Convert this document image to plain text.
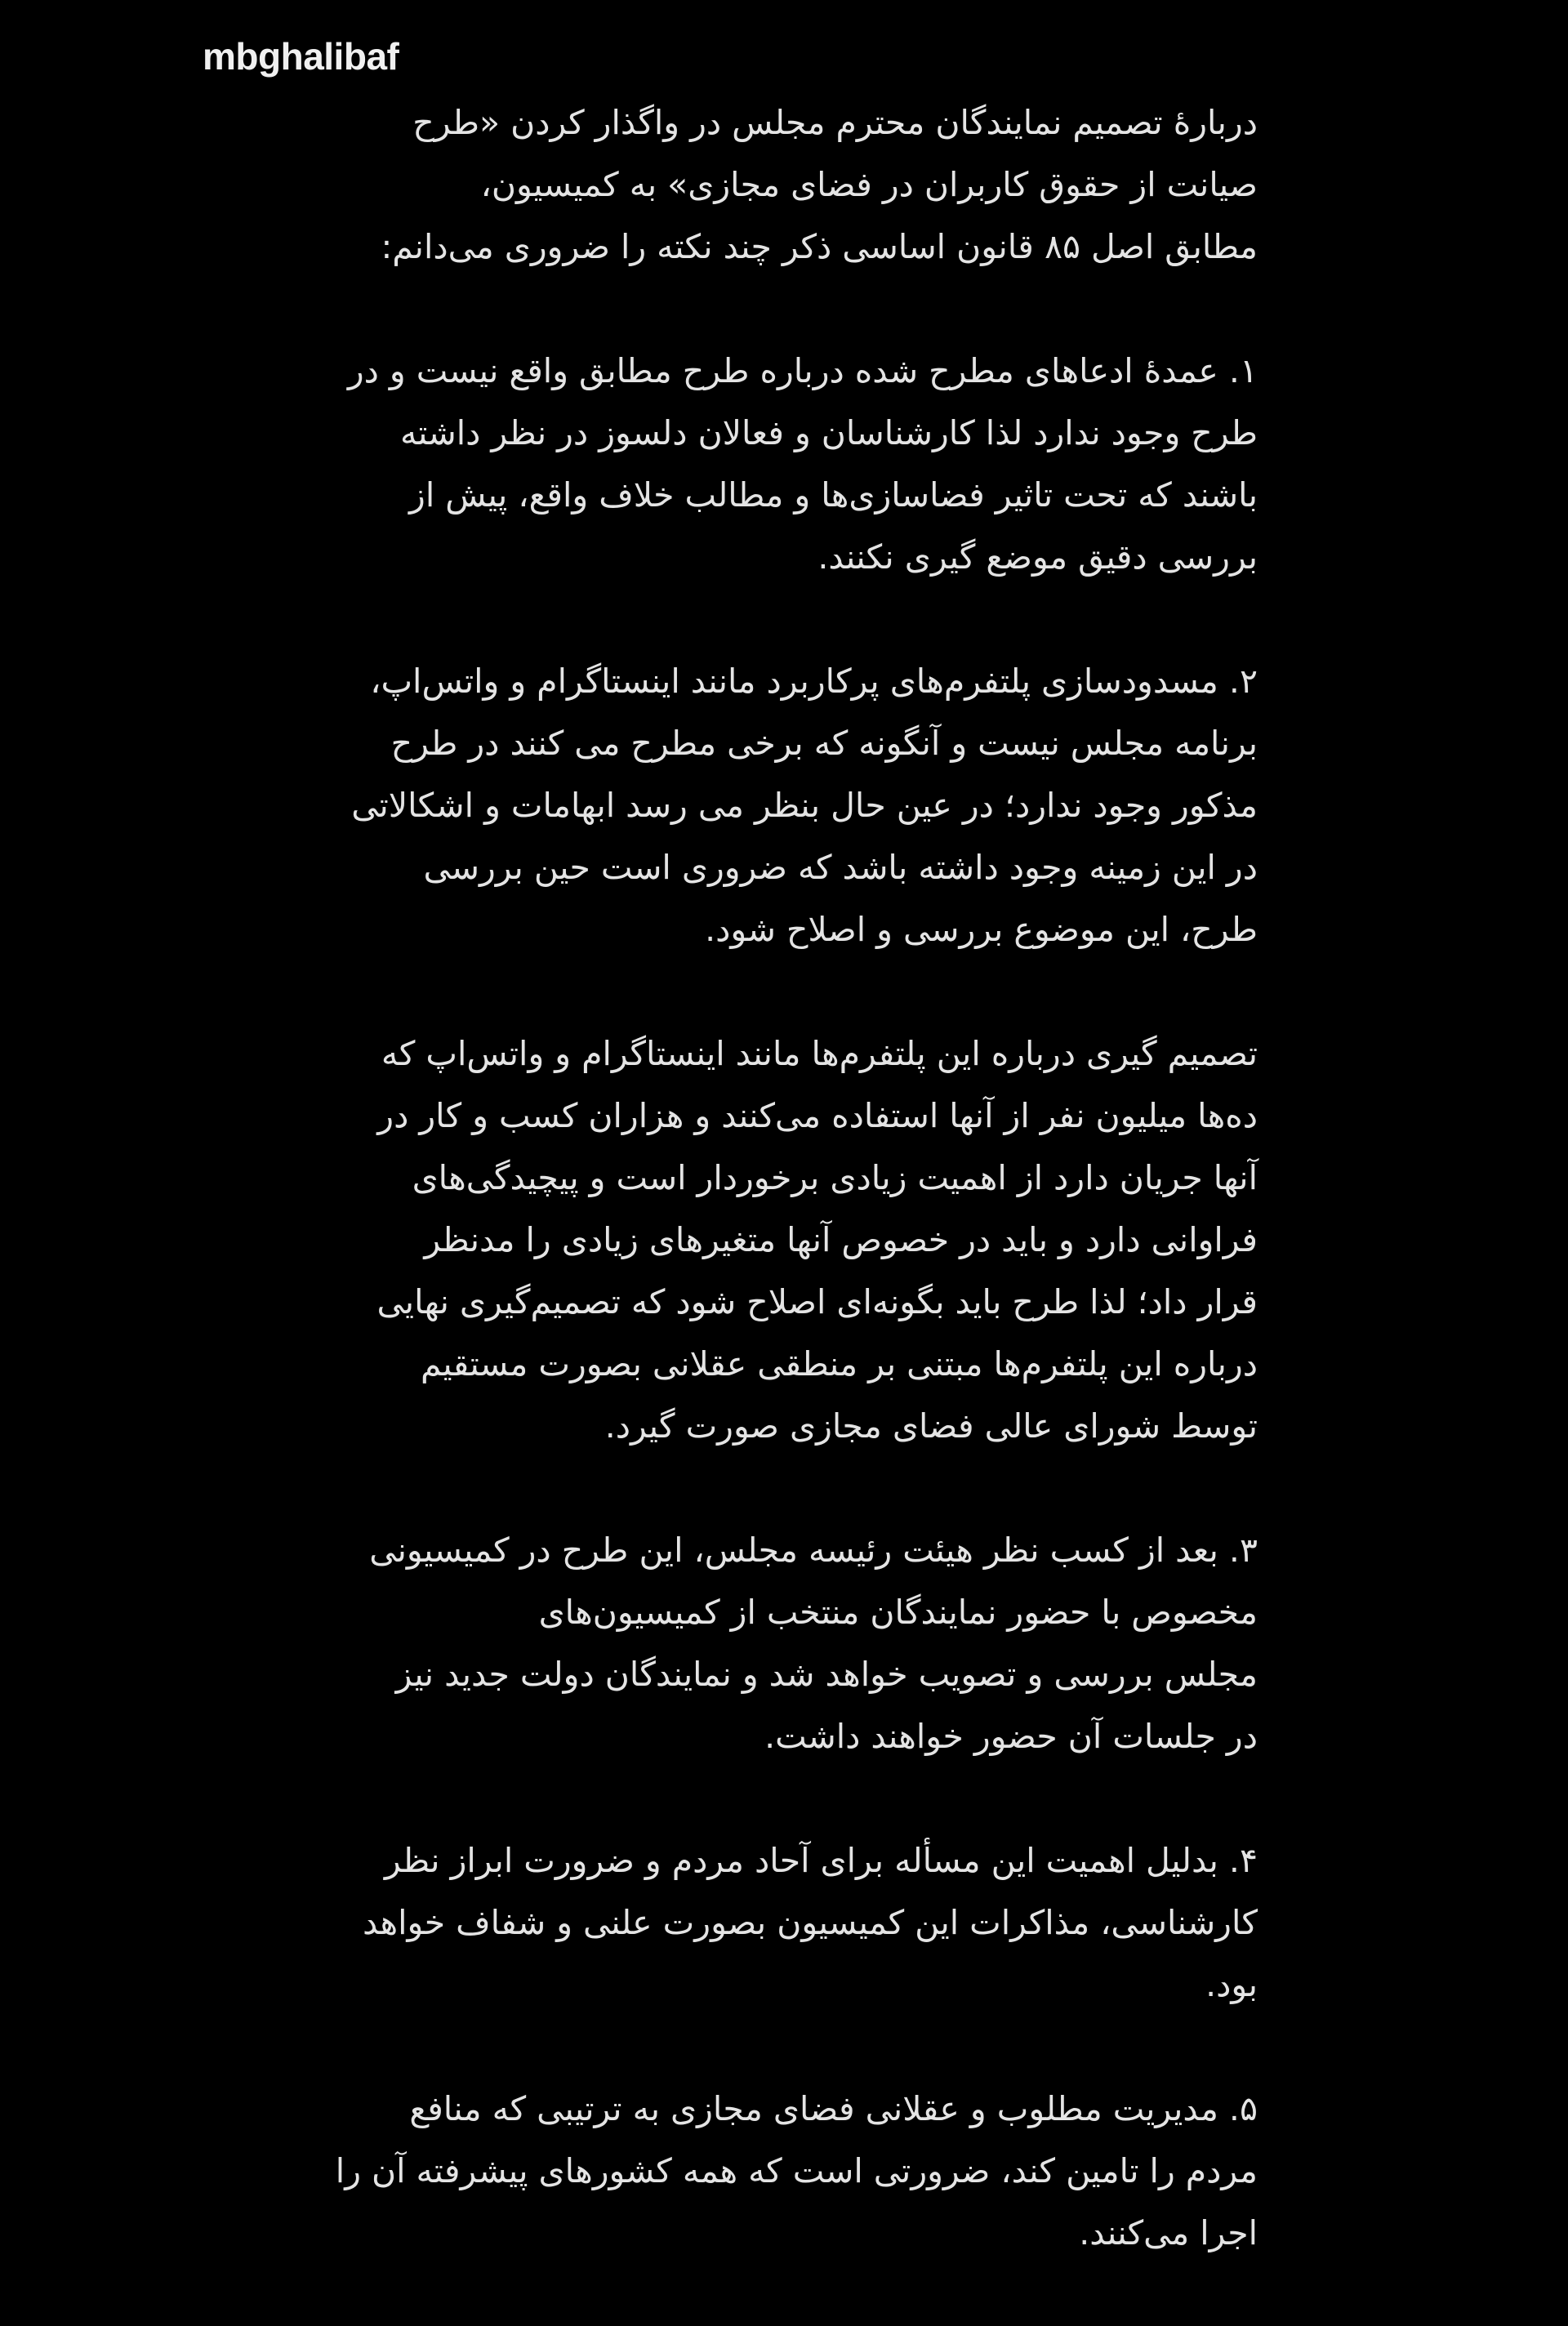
mbghalibaf

دربارهٔ تصمیم نمایندگان محترم مجلس در واگذار کردن «طرح
صیانت از حقوق کاربران در فضای مجازی» به کمیسیون،
مطابق اصل ۸۵ قانون اساسی ذکر چند نکته را ضروری می‌دانم:

۱. عمدهٔ ادعاهای مطرح شده درباره طرح مطابق واقع نیست و در
طرح وجود ندارد لذا کارشناسان و فعالان دلسوز در نظر داشته
باشند که تحت تاثیر فضاسازی‌ها و مطالب خلاف واقع، پیش از
بررسی دقیق موضع گیری نکنند.

۲. مسدودسازی پلتفرم‌های پرکاربرد مانند اینستاگرام و واتس‌اپ،
برنامه مجلس نیست و آنگونه که برخی مطرح می کنند در طرح
مذکور وجود ندارد؛ در عین حال بنظر می رسد ابهامات و اشکالاتی
در این زمینه وجود داشته باشد که ضروری است حین بررسی
طرح، این موضوع بررسی و اصلاح شود.

تصمیم گیری درباره این پلتفرم‌ها مانند اینستاگرام و واتس‌اپ که
ده‌ها میلیون نفر از آنها استفاده می‌کنند و هزاران کسب و کار در
آنها جریان دارد از اهمیت زیادی برخوردار است و پیچیدگی‌های
فراوانی دارد و باید در خصوص آنها متغیرهای زیادی را مدنظر
قرار داد؛ لذا طرح باید بگونه‌ای اصلاح شود که تصمیم‌گیری نهایی
درباره این پلتفرم‌ها مبتنی بر منطقی عقلانی بصورت مستقیم
توسط شورای عالی فضای مجازی صورت گیرد.

۳. بعد از کسب نظر هیئت رئیسه مجلس، این طرح در کمیسیونی
مخصوص با حضور نمایندگان منتخب از کمیسیون‌های
مجلس بررسی و تصویب خواهد شد و نمایندگان دولت جدید نیز
در جلسات آن حضور خواهند داشت.

۴. بدلیل اهمیت این مسأله برای آحاد مردم و ضرورت ابراز نظر
کارشناسی، مذاکرات این کمیسیون بصورت علنی و شفاف خواهد
بود.

۵. مدیریت مطلوب و عقلانی فضای مجازی به ترتیبی که منافع
مردم را تامین کند، ضرورتی است که همه کشورهای پیشرفته آن را
اجرا می‌کنند.
